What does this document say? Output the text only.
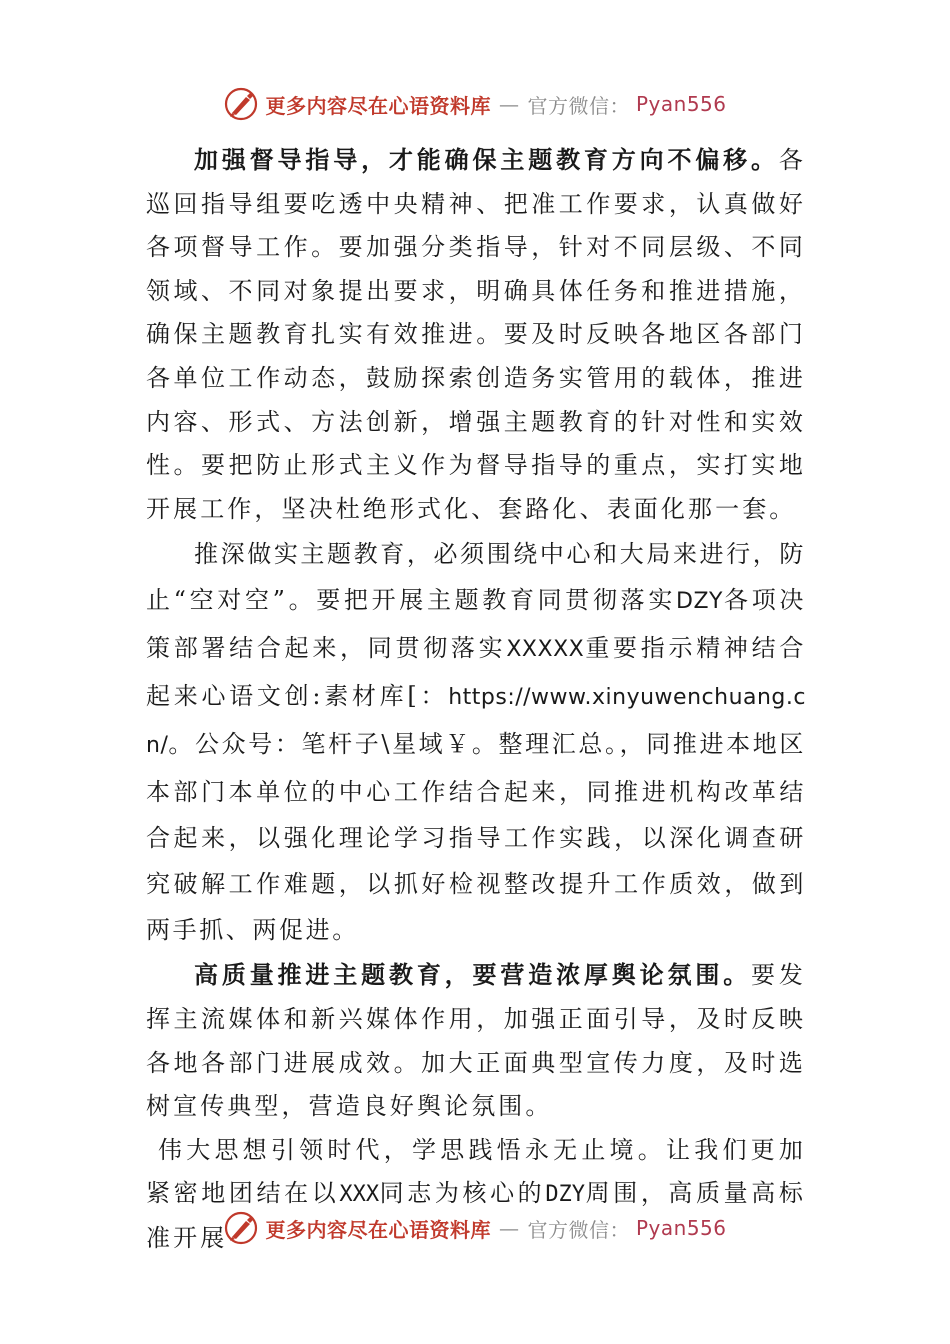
更多内容尽在心语资料库 — 官方微信： Pyan556

加强督导指导，才能确保主题教育方向不偏移。各巡回指导组要吃透中央精神、把准工作要求，认真做好各项督导工作。要加强分类指导，针对不同层级、不同领域、不同对象提出要求，明确具体任务和推进措施，确保主题教育扎实有效推进。要及时反映各地区各部门各单位工作动态，鼓励探索创造务实管用的载体，推进内容、形式、方法创新，增强主题教育的针对性和实效性。要把防止形式主义作为督导指导的重点，实打实地开展工作，坚决杜绝形式化、套路化、表面化那一套。

推深做实主题教育，必须围绕中心和大局来进行，防止“空对空”。要把开展主题教育同贯彻落实DZY各项决策部署结合起来，同贯彻落实XXXXX重要指示精神结合起来心语文创:素材库[：https://www.xinyuwenchuang.cn/。公众号：笔杆子\星域￥。整理汇总。，同推进本地区本部门本单位的中心工作结合起来，同推进机构改革结合起来，以强化理论学习指导工作实践，以深化调查研究破解工作难题，以抓好检视整改提升工作质效，做到两手抓、两促进。

高质量推进主题教育，要营造浓厚舆论氛围。要发挥主流媒体和新兴媒体作用，加强正面引导，及时反映各地各部门进展成效。加大正面典型宣传力度，及时选树宣传典型，营造良好舆论氛围。

伟大思想引领时代，学思践悟永无止境。让我们更加紧密地团结在以XXX同志为核心的DZY周围，高质量高标准开展	更多内容尽在心语资料库 — 官方微信： Pyan556
